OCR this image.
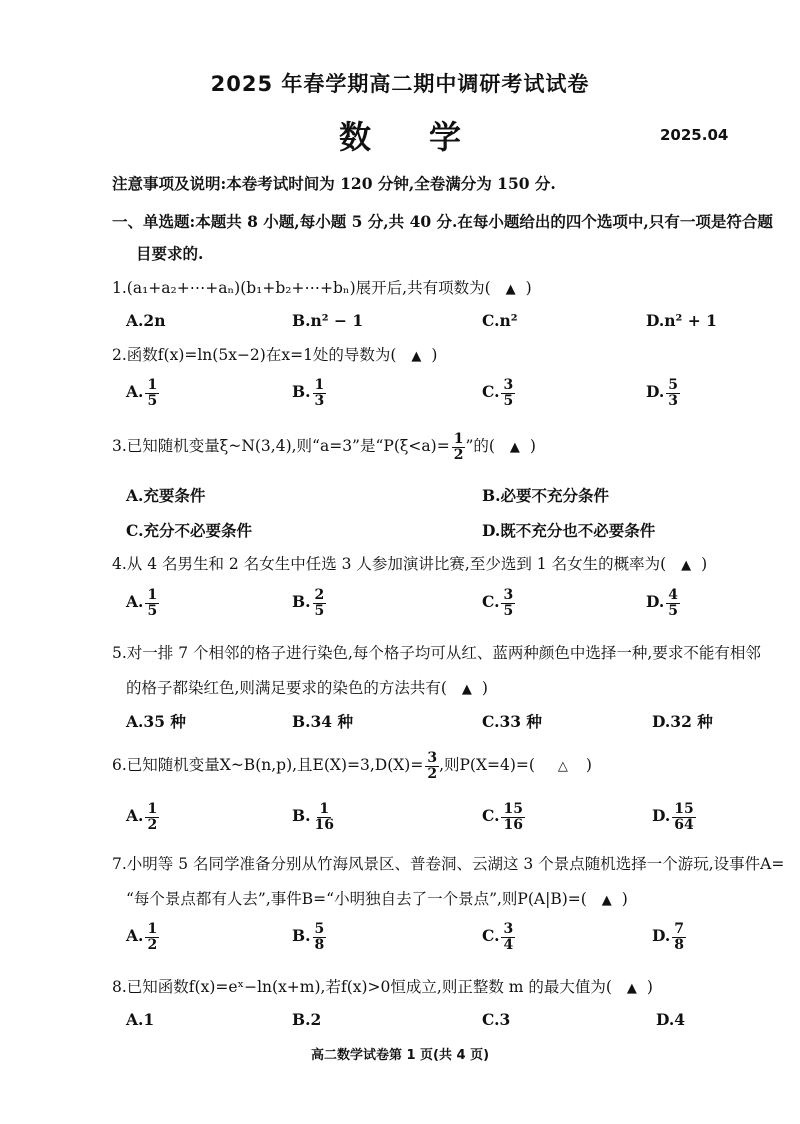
2025 年春学期高二期中调研考试试卷
数学	2025.04
注意事项及说明:本卷考试时间为 120 分钟,全卷满分为 150 分.
一、单选题:本题共 8 小题,每小题 5 分,共 40 分.在每小题给出的四个选项中,只有一项是符合题
目要求的.
1.(a₁+a₂+⋯+aₙ)(b₁+b₂+⋯+bₙ)展开后,共有项数为( ▲ )
A.2n	B.n² − 1	C.n²	D.n² + 1
2.函数f(x)=ln(5x−2)在x=1处的导数为( ▲ )
A. $\frac{1}{5}$	B. $\frac{1}{3}$	C. $\frac{3}{5}$	D. $\frac{5}{3}$
3.已知随机变量ξ~N(3,4),则“a=3”是“$P(\xi<a)= \frac{1}{2}$ ”的( ▲ )
A.充要条件	B.必要不充分条件
C.充分不必要条件	D.既不充分也不必要条件
4.从 4 名男生和 2 名女生中任选 3 人参加演讲比赛,至少选到 1 名女生的概率为( ▲ )
A. $\frac{1}{5}$	B. $\frac{2}{5}$	C. $\frac{3}{5}$	D. $\frac{4}{5}$
5.对一排 7 个相邻的格子进行染色,每个格子均可从红、蓝两种颜色中选择一种,要求不能有相邻
的格子都染红色,则满足要求的染色的方法共有( ▲ )
A.35 种	B.34 种	C.33 种	D.32 种
6.已知随机变量X~B(n,p),且$E(X)=3,D(X)= \frac{3}{2}$ ,则P(X=4)=( △ )
A. $\frac{1}{2}$	B. $\frac{1}{16}$	C. $\frac{15}{16}$	D. $\frac{15}{64}$
7.小明等 5 名同学准备分别从竹海风景区、普卷洞、云湖这 3 个景点随机选择一个游玩,设事件A=
“每个景点都有人去”,事件B=“小明独自去了一个景点”,则P(A|B)=( ▲ )
A. $\frac{1}{2}$	B. $\frac{5}{8}$	C. $\frac{3}{4}$	D. $\frac{7}{8}$
8.已知函数f(x)=eˣ−ln(x+m),若f(x)>0恒成立,则正整数 m 的最大值为( ▲ )
A.1	B.2	C.3	D.4
高二数学试卷第 1 页(共 4 页)
